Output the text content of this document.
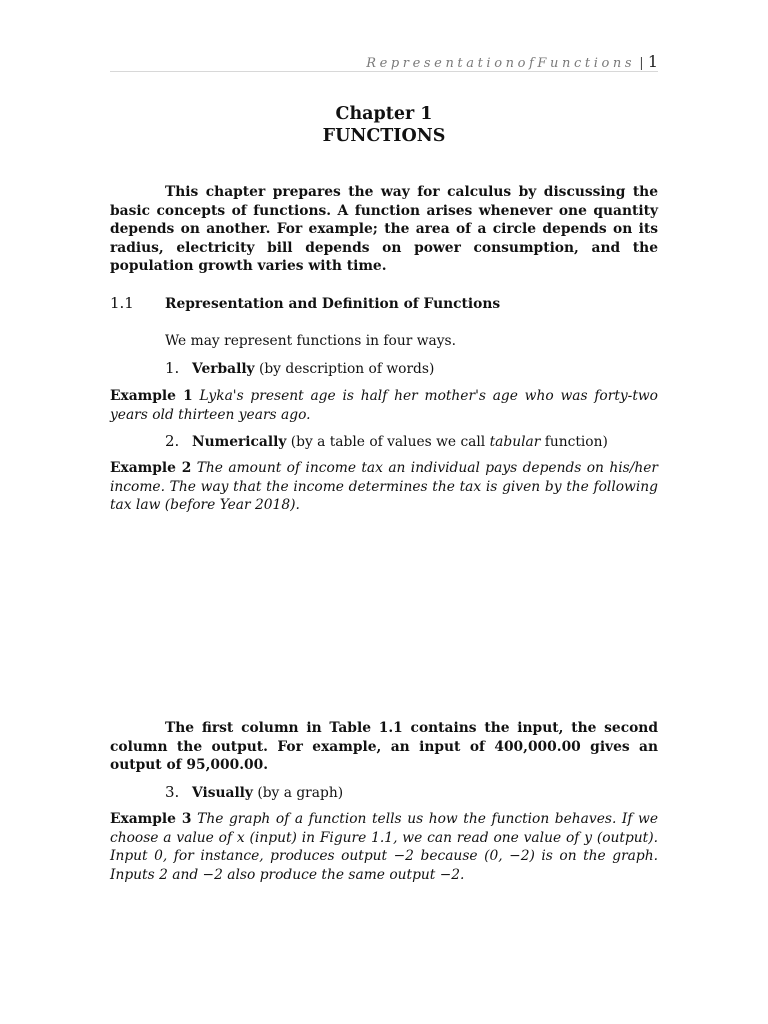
RepresentationofFunctions | 1
Chapter 1
FUNCTIONS
This chapter prepares the way for calculus by discussing the basic concepts of functions. A function arises whenever one quantity depends on another. For example; the area of a circle depends on its radius, electricity bill depends on power consumption, and the population growth varies with time.
1.1 Representation and Definition of Functions
We may represent functions in four ways.
1. Verbally (by description of words)
Example 1 Lyka's present age is half her mother's age who was forty-two years old thirteen years ago.
2. Numerically (by a table of values we call tabular function)
Example 2 The amount of income tax an individual pays depends on his/her income. The way that the income determines the tax is given by the following tax law (before Year 2018).
The first column in Table 1.1 contains the input, the second column the output. For example, an input of 400,000.00 gives an output of 95,000.00.
3. Visually (by a graph)
Example 3 The graph of a function tells us how the function behaves. If we choose a value of x (input) in Figure 1.1, we can read one value of y (output). Input 0, for instance, produces output −2 because (0, −2) is on the graph. Inputs 2 and −2 also produce the same output −2.
